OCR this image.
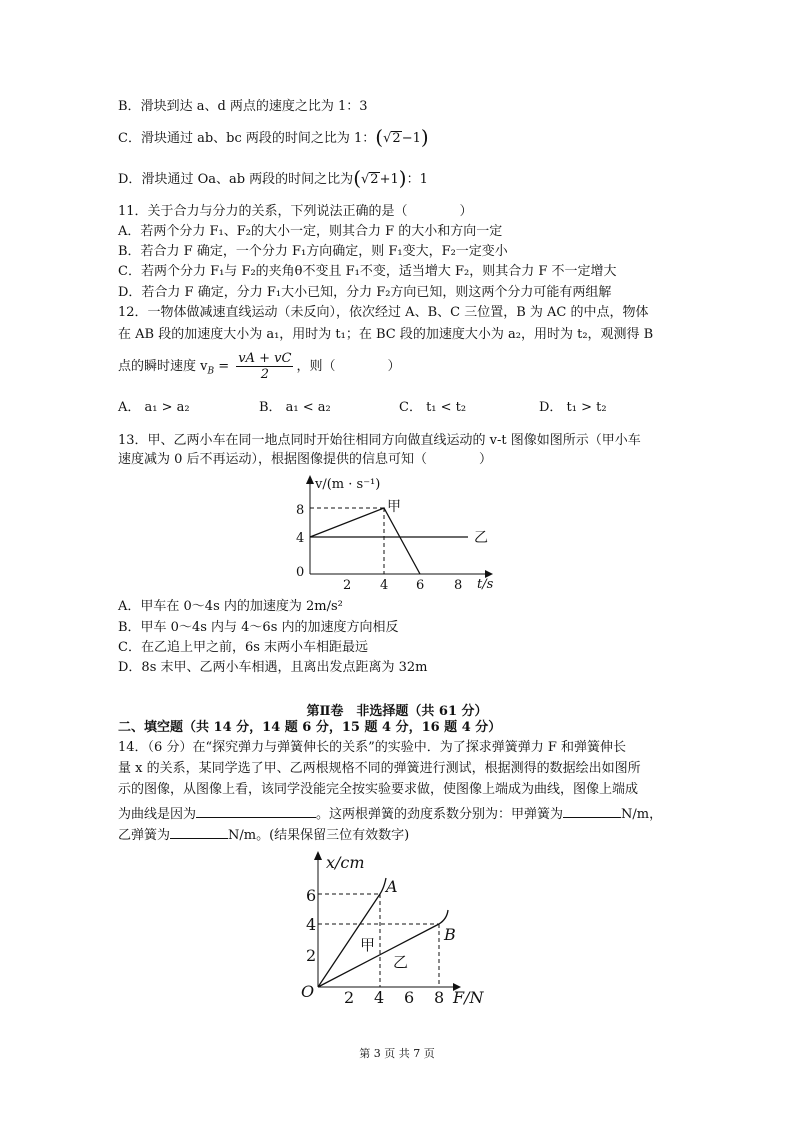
B．滑块到达 a、d 两点的速度之比为 1：3
C．滑块通过 ab、bc 两段的时间之比为 1：(√2−1)
D．滑块通过 Oa、ab 两段的时间之比为(√2+1)：1
11．关于合力与分力的关系，下列说法正确的是（　　　　）
A．若两个分力 F₁、F₂的大小一定，则其合力 F 的大小和方向一定
B．若合力 F 确定，一个分力 F₁方向确定，则 F₁变大，F₂一定变小
C．若两个分力 F₁与 F₂的夹角θ不变且 F₁不变，适当增大 F₂，则其合力 F 不一定增大
D．若合力 F 确定，分力 F₁大小已知，分力 F₂方向已知，则这两个分力可能有两组解
12．一物体做减速直线运动（未反向），依次经过 A、B、C 三位置，B 为 AC 的中点，物体
在 AB 段的加速度大小为 a₁，用时为 t₁；在 BC 段的加速度大小为 a₂，用时为 t₂，观测得 B
点的瞬时速度 $v_B = \frac{vA + vC}{2}$ ，则（　　　　）
A． a₁ > a₂	B． a₁ < a₂	C． t₁ < t₂	D． t₁ > t₂
13．甲、乙两小车在同一地点同时开始往相同方向做直线运动的 v-t 图像如图所示（甲小车
速度减为 0 后不再运动），根据图像提供的信息可知（　　　　）
v/(m · s⁻¹)
t/s
8
4
0
2 4 6 8
甲
乙
A．甲车在 0～4s 内的加速度为 2m/s²
B．甲车 0～4s 内与 4～6s 内的加速度方向相反
C．在乙追上甲之前，6s 末两小车相距最远
D．8s 末甲、乙两小车相遇，且离出发点距离为 32m
第Ⅱ卷　非选择题（共 61 分）
二、填空题（共 14 分，14 题 6 分，15 题 4 分，16 题 4 分）
14．（6 分）在“探究弹力与弹簧伸长的关系”的实验中．为了探求弹簧弹力 F 和弹簧伸长
量 x 的关系，某同学选了甲、乙两根规格不同的弹簧进行测试，根据测得的数据绘出如图所
示的图像，从图像上看，该同学没能完全按实验要求做，使图像上端成为曲线，图像上端成
为曲线是因为	。这两根弹簧的劲度系数分别为：甲弹簧为	N/m，
乙弹簧为	N/m。(结果保留三位有效数字)
x/cm
F/N
O
6
4
2
2 4 6 8
A
B
甲
乙
第 3 页 共 7 页
